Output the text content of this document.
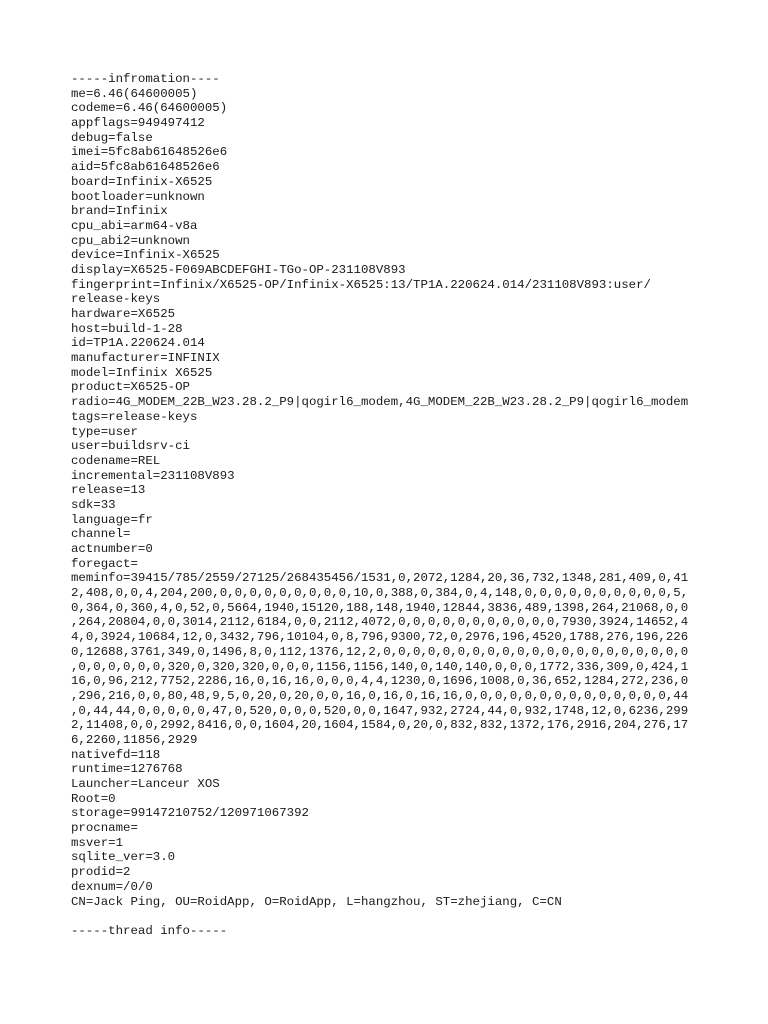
-----infromation----
me=6.46(64600005)
codeme=6.46(64600005)
appflags=949497412
debug=false
imei=5fc8ab61648526e6
aid=5fc8ab61648526e6
board=Infinix-X6525
bootloader=unknown
brand=Infinix
cpu_abi=arm64-v8a
cpu_abi2=unknown
device=Infinix-X6525
display=X6525-F069ABCDEFGHI-TGo-OP-231108V893
fingerprint=Infinix/X6525-OP/Infinix-X6525:13/TP1A.220624.014/231108V893:user/
release-keys
hardware=X6525
host=build-1-28
id=TP1A.220624.014
manufacturer=INFINIX
model=Infinix X6525
product=X6525-OP
radio=4G_MODEM_22B_W23.28.2_P9|qogirl6_modem,4G_MODEM_22B_W23.28.2_P9|qogirl6_modem
tags=release-keys
type=user
user=buildsrv-ci
codename=REL
incremental=231108V893
release=13
sdk=33
language=fr
channel=
actnumber=0
foregact=
meminfo=39415/785/2559/27125/268435456/1531,0,2072,1284,20,36,732,1348,281,409,0,41
2,408,0,0,4,204,200,0,0,0,0,0,0,0,0,0,10,0,388,0,384,0,4,148,0,0,0,0,0,0,0,0,0,0,5,
0,364,0,360,4,0,52,0,5664,1940,15120,188,148,1940,12844,3836,489,1398,264,21068,0,0
,264,20804,0,0,3014,2112,6184,0,0,2112,4072,0,0,0,0,0,0,0,0,0,0,0,7930,3924,14652,4
4,0,3924,10684,12,0,3432,796,10104,0,8,796,9300,72,0,2976,196,4520,1788,276,196,226
0,12688,3761,349,0,1496,8,0,112,1376,12,2,0,0,0,0,0,0,0,0,0,0,0,0,0,0,0,0,0,0,0,0,0
,0,0,0,0,0,0,320,0,320,320,0,0,0,1156,1156,140,0,140,140,0,0,0,1772,336,309,0,424,1
16,0,96,212,7752,2286,16,0,16,16,0,0,0,4,4,1230,0,1696,1008,0,36,652,1284,272,236,0
,296,216,0,0,80,48,9,5,0,20,0,20,0,0,16,0,16,0,16,16,0,0,0,0,0,0,0,0,0,0,0,0,0,0,44
,0,44,44,0,0,0,0,0,47,0,520,0,0,0,520,0,0,1647,932,2724,44,0,932,1748,12,0,6236,299
2,11408,0,0,2992,8416,0,0,1604,20,1604,1584,0,20,0,832,832,1372,176,2916,204,276,17
6,2260,11856,2929
nativefd=118
runtime=1276768
Launcher=Lanceur XOS
Root=0
storage=99147210752/120971067392
procname=
msver=1
sqlite_ver=3.0
prodid=2
dexnum=/0/0
CN=Jack Ping, OU=RoidApp, O=RoidApp, L=hangzhou, ST=zhejiang, C=CN
-----thread info-----
